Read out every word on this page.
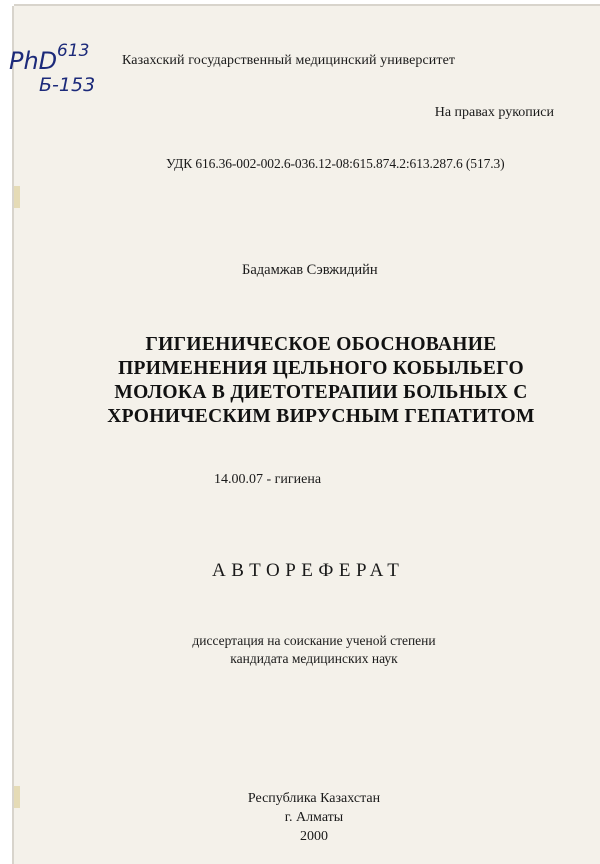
PhD 613
Б-153

Казахский государственный медицинский университет

На правах рукописи

УДК 616.36-002-002.6-036.12-08:615.874.2:613.287.6 (517.3)

Бадамжав Сэвжидийн

ГИГИЕНИЧЕСКОЕ ОБОСНОВАНИЕ
ПРИМЕНЕНИЯ ЦЕЛЬНОГО КОБЫЛЬЕГО
МОЛОКА В ДИЕТОТЕРАПИИ БОЛЬНЫХ С
ХРОНИЧЕСКИМ ВИРУСНЫМ ГЕПАТИТОМ

14.00.07 - гигиена

АВТОРЕФЕРАТ

диссертация на соискание ученой степени
кандидата медицинских наук

Республика Казахстан
г. Алматы
2000
